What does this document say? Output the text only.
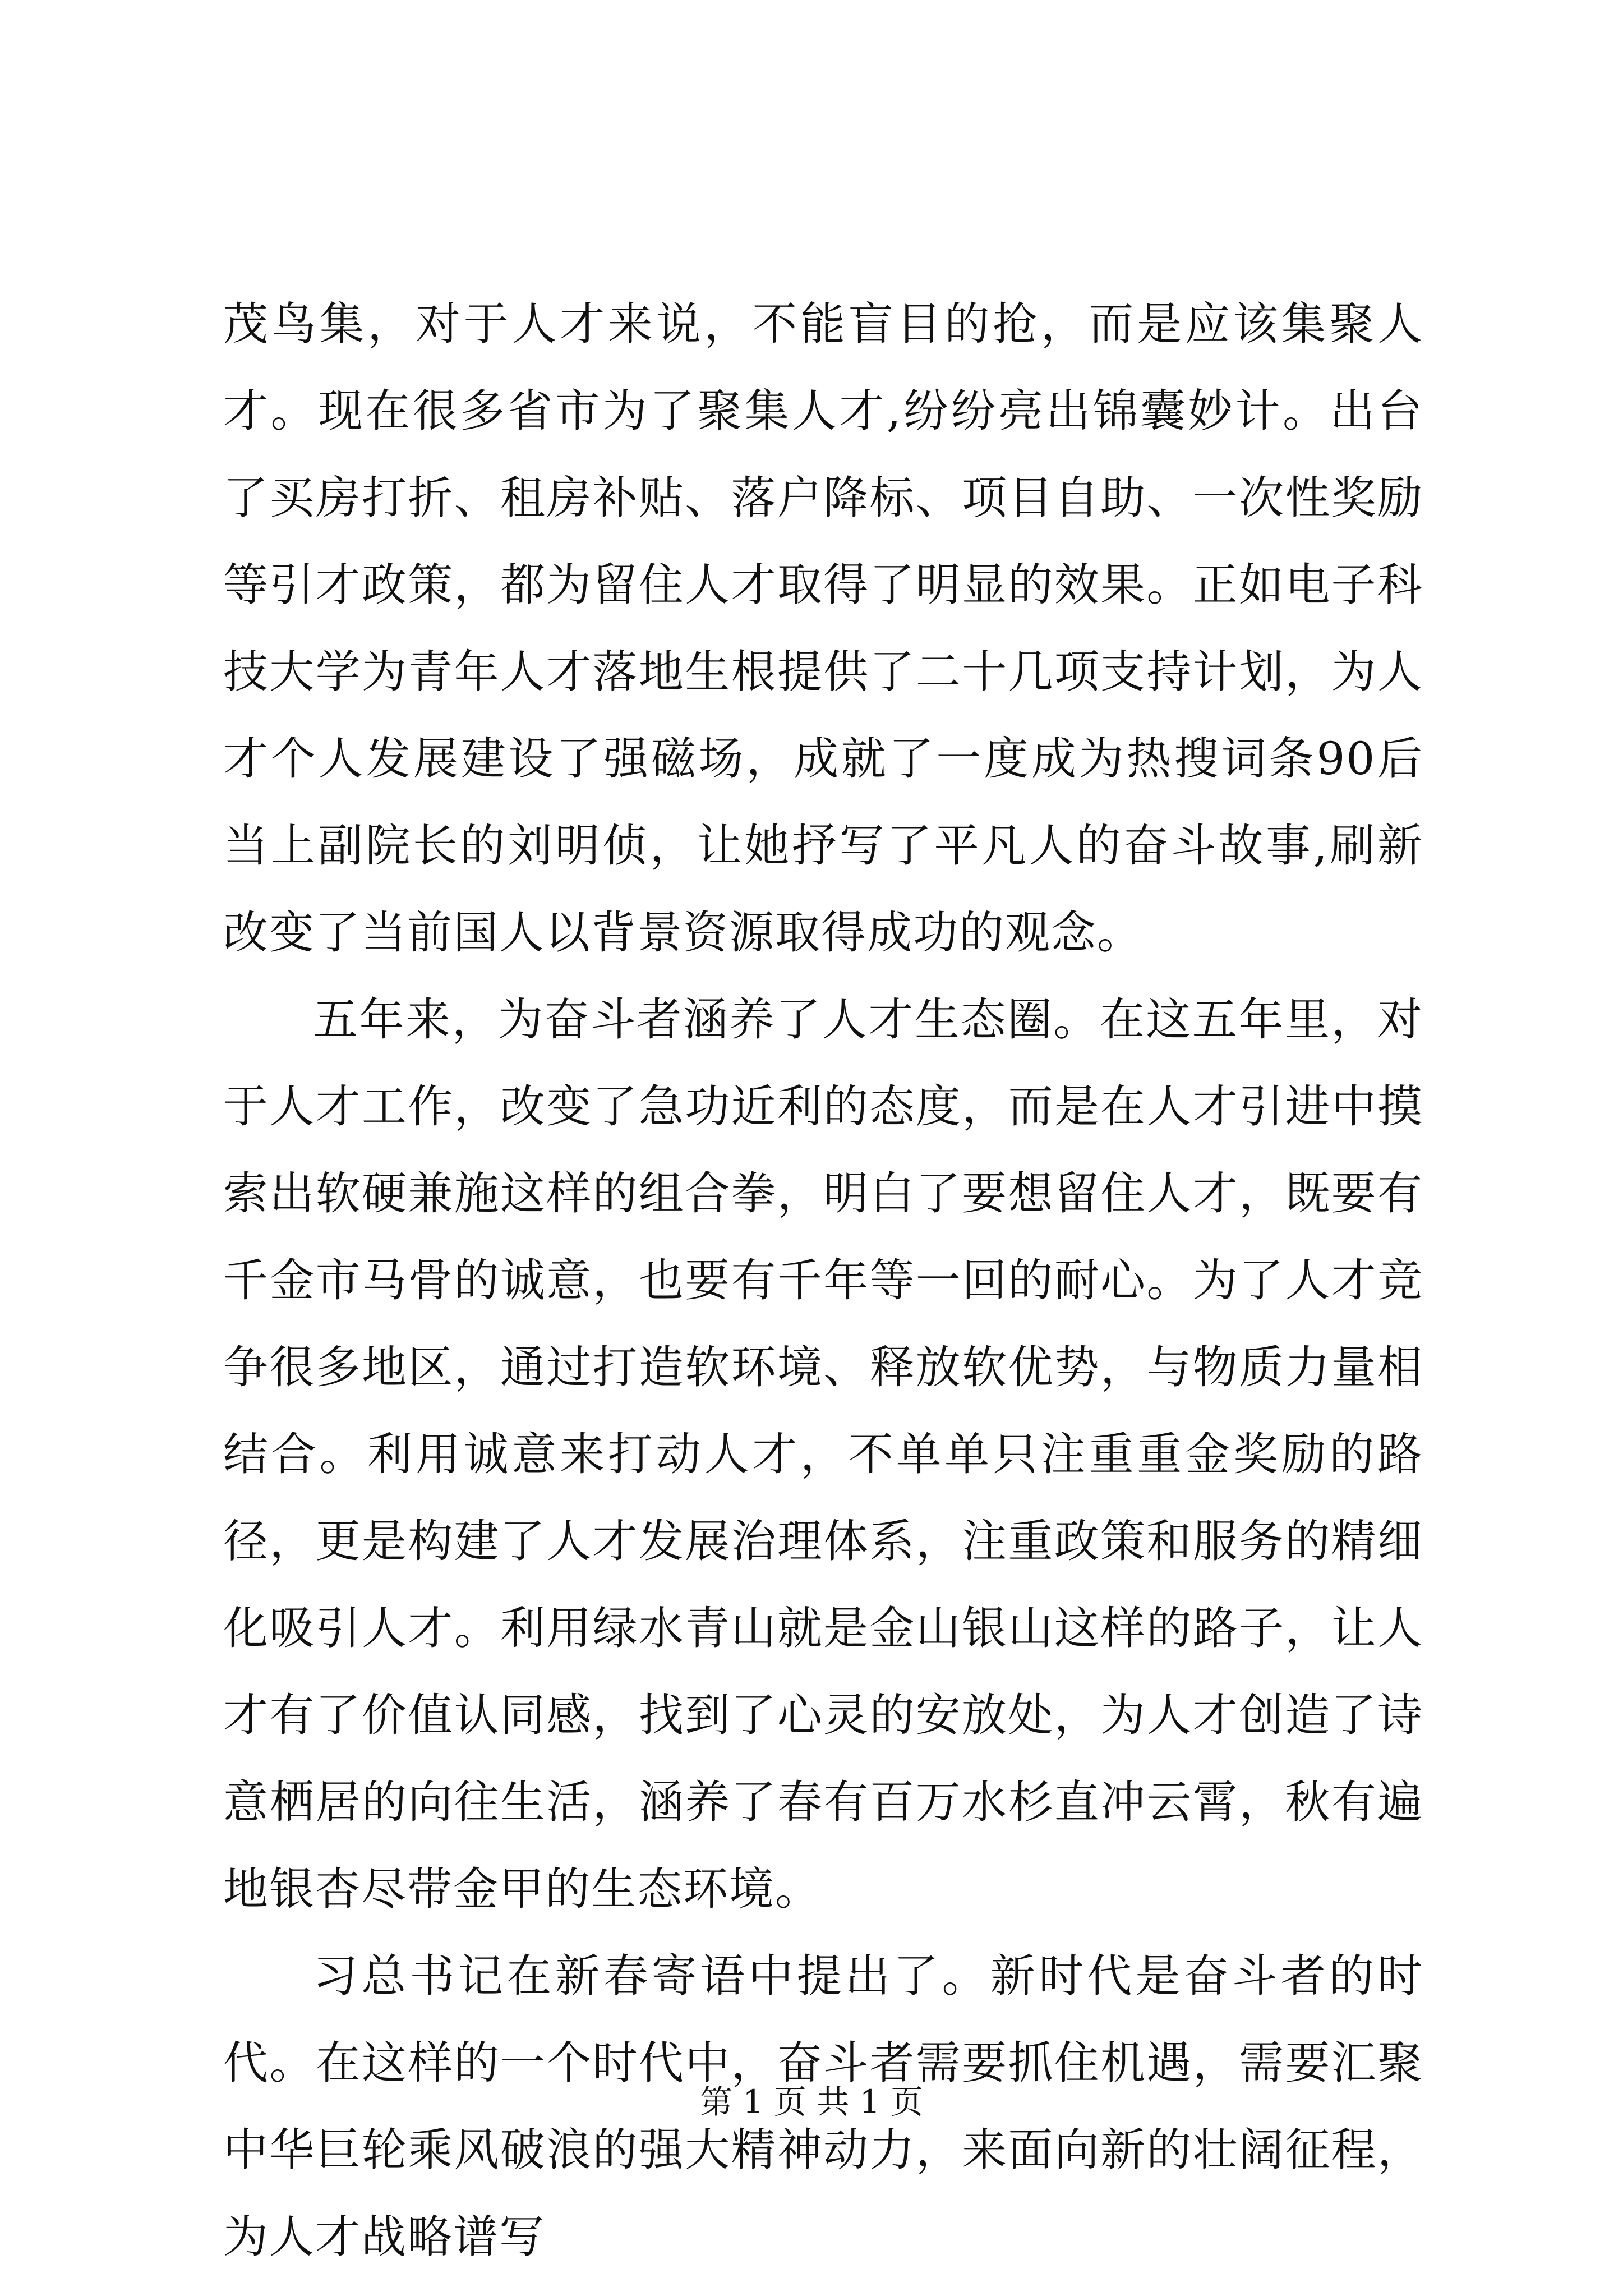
茂鸟集，对于人才来说，不能盲目的抢，而是应该集聚人才。现在很多省市为了聚集人才,纷纷亮出锦囊妙计。出台了买房打折、租房补贴、落户降标、项目自助、一次性奖励等引才政策，都为留住人才取得了明显的效果。正如电子科技大学为青年人才落地生根提供了二十几项支持计划，为人才个人发展建设了强磁场，成就了一度成为热搜词条90后当上副院长的刘明侦，让她抒写了平凡人的奋斗故事,刷新改变了当前国人以背景资源取得成功的观念。

五年来，为奋斗者涵养了人才生态圈。在这五年里，对于人才工作，改变了急功近利的态度，而是在人才引进中摸索出软硬兼施这样的组合拳，明白了要想留住人才，既要有千金市马骨的诚意，也要有千年等一回的耐心。为了人才竞争很多地区，通过打造软环境、释放软优势，与物质力量相结合。利用诚意来打动人才，不单单只注重重金奖励的路径，更是构建了人才发展治理体系，注重政策和服务的精细化吸引人才。利用绿水青山就是金山银山这样的路子，让人才有了价值认同感，找到了心灵的安放处，为人才创造了诗意栖居的向往生活，涵养了春有百万水杉直冲云霄，秋有遍地银杏尽带金甲的生态环境。

习总书记在新春寄语中提出了。新时代是奋斗者的时代。在这样的一个时代中，奋斗者需要抓住机遇，需要汇聚中华巨轮乘风破浪的强大精神动力，来面向新的壮阔征程，为人才战略谱写

第 1 页 共 1 页
